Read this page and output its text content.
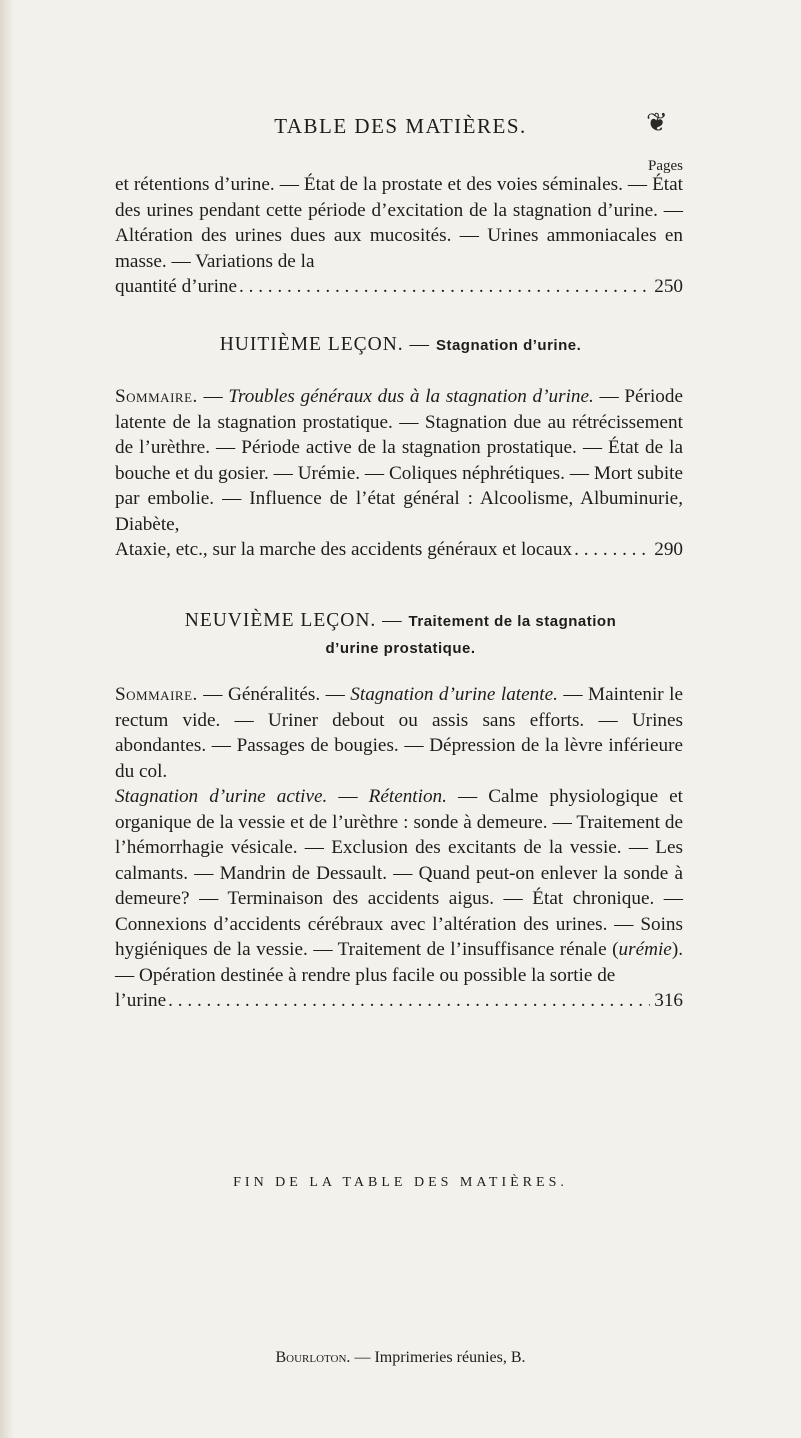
TABLE DES MATIÈRES.	❦
Pages
et rétentions d’urine. — État de la prostate et des voies séminales. — État des urines pendant cette période d’excitation de la stagnation d’urine. — Altération des urines dues aux mucosités. — Urines ammoniacales en masse. — Variations de la
quantité d’urine . . .	250
HUITIÈME LEÇON. — Stagnation d’urine.
Sommaire. — Troubles généraux dus à la stagnation d’urine. — Période latente de la stagnation prostatique. — Stagnation due au rétrécissement de l’urèthre. — Période active de la stagnation prostatique. — État de la bouche et du gosier. — Urémie. — Coliques néphrétiques. — Mort subite par embolie. — Influence de l’état général : Alcoolisme, Albuminurie, Diabète,
Ataxie, etc., sur la marche des accidents généraux et locaux . . .	290
NEUVIÈME LEÇON. — Traitement de la stagnation
d’urine prostatique.
Sommaire. — Généralités. — Stagnation d’urine latente. — Maintenir le rectum vide. — Uriner debout ou assis sans efforts. — Urines abondantes. — Passages de bougies. — Dépression de la lèvre inférieure du col.
Stagnation d’urine active. — Rétention. — Calme physiologique et organique de la vessie et de l’urèthre : sonde à demeure. — Traitement de l’hémorrhagie vésicale. — Exclusion des excitants de la vessie. — Les calmants. — Mandrin de Dessault. — Quand peut-on enlever la sonde à demeure? — Terminaison des accidents aigus. — État chronique. — Connexions d’accidents cérébraux avec l’altération des urines. — Soins hygiéniques de la vessie. — Traitement de l’insuffisance rénale (urémie). — Opération destinée à rendre plus facile ou possible la sortie de
l’urine . . .	316
FIN DE LA TABLE DES MATIÈRES.
Bourloton. — Imprimeries réunies, B.
